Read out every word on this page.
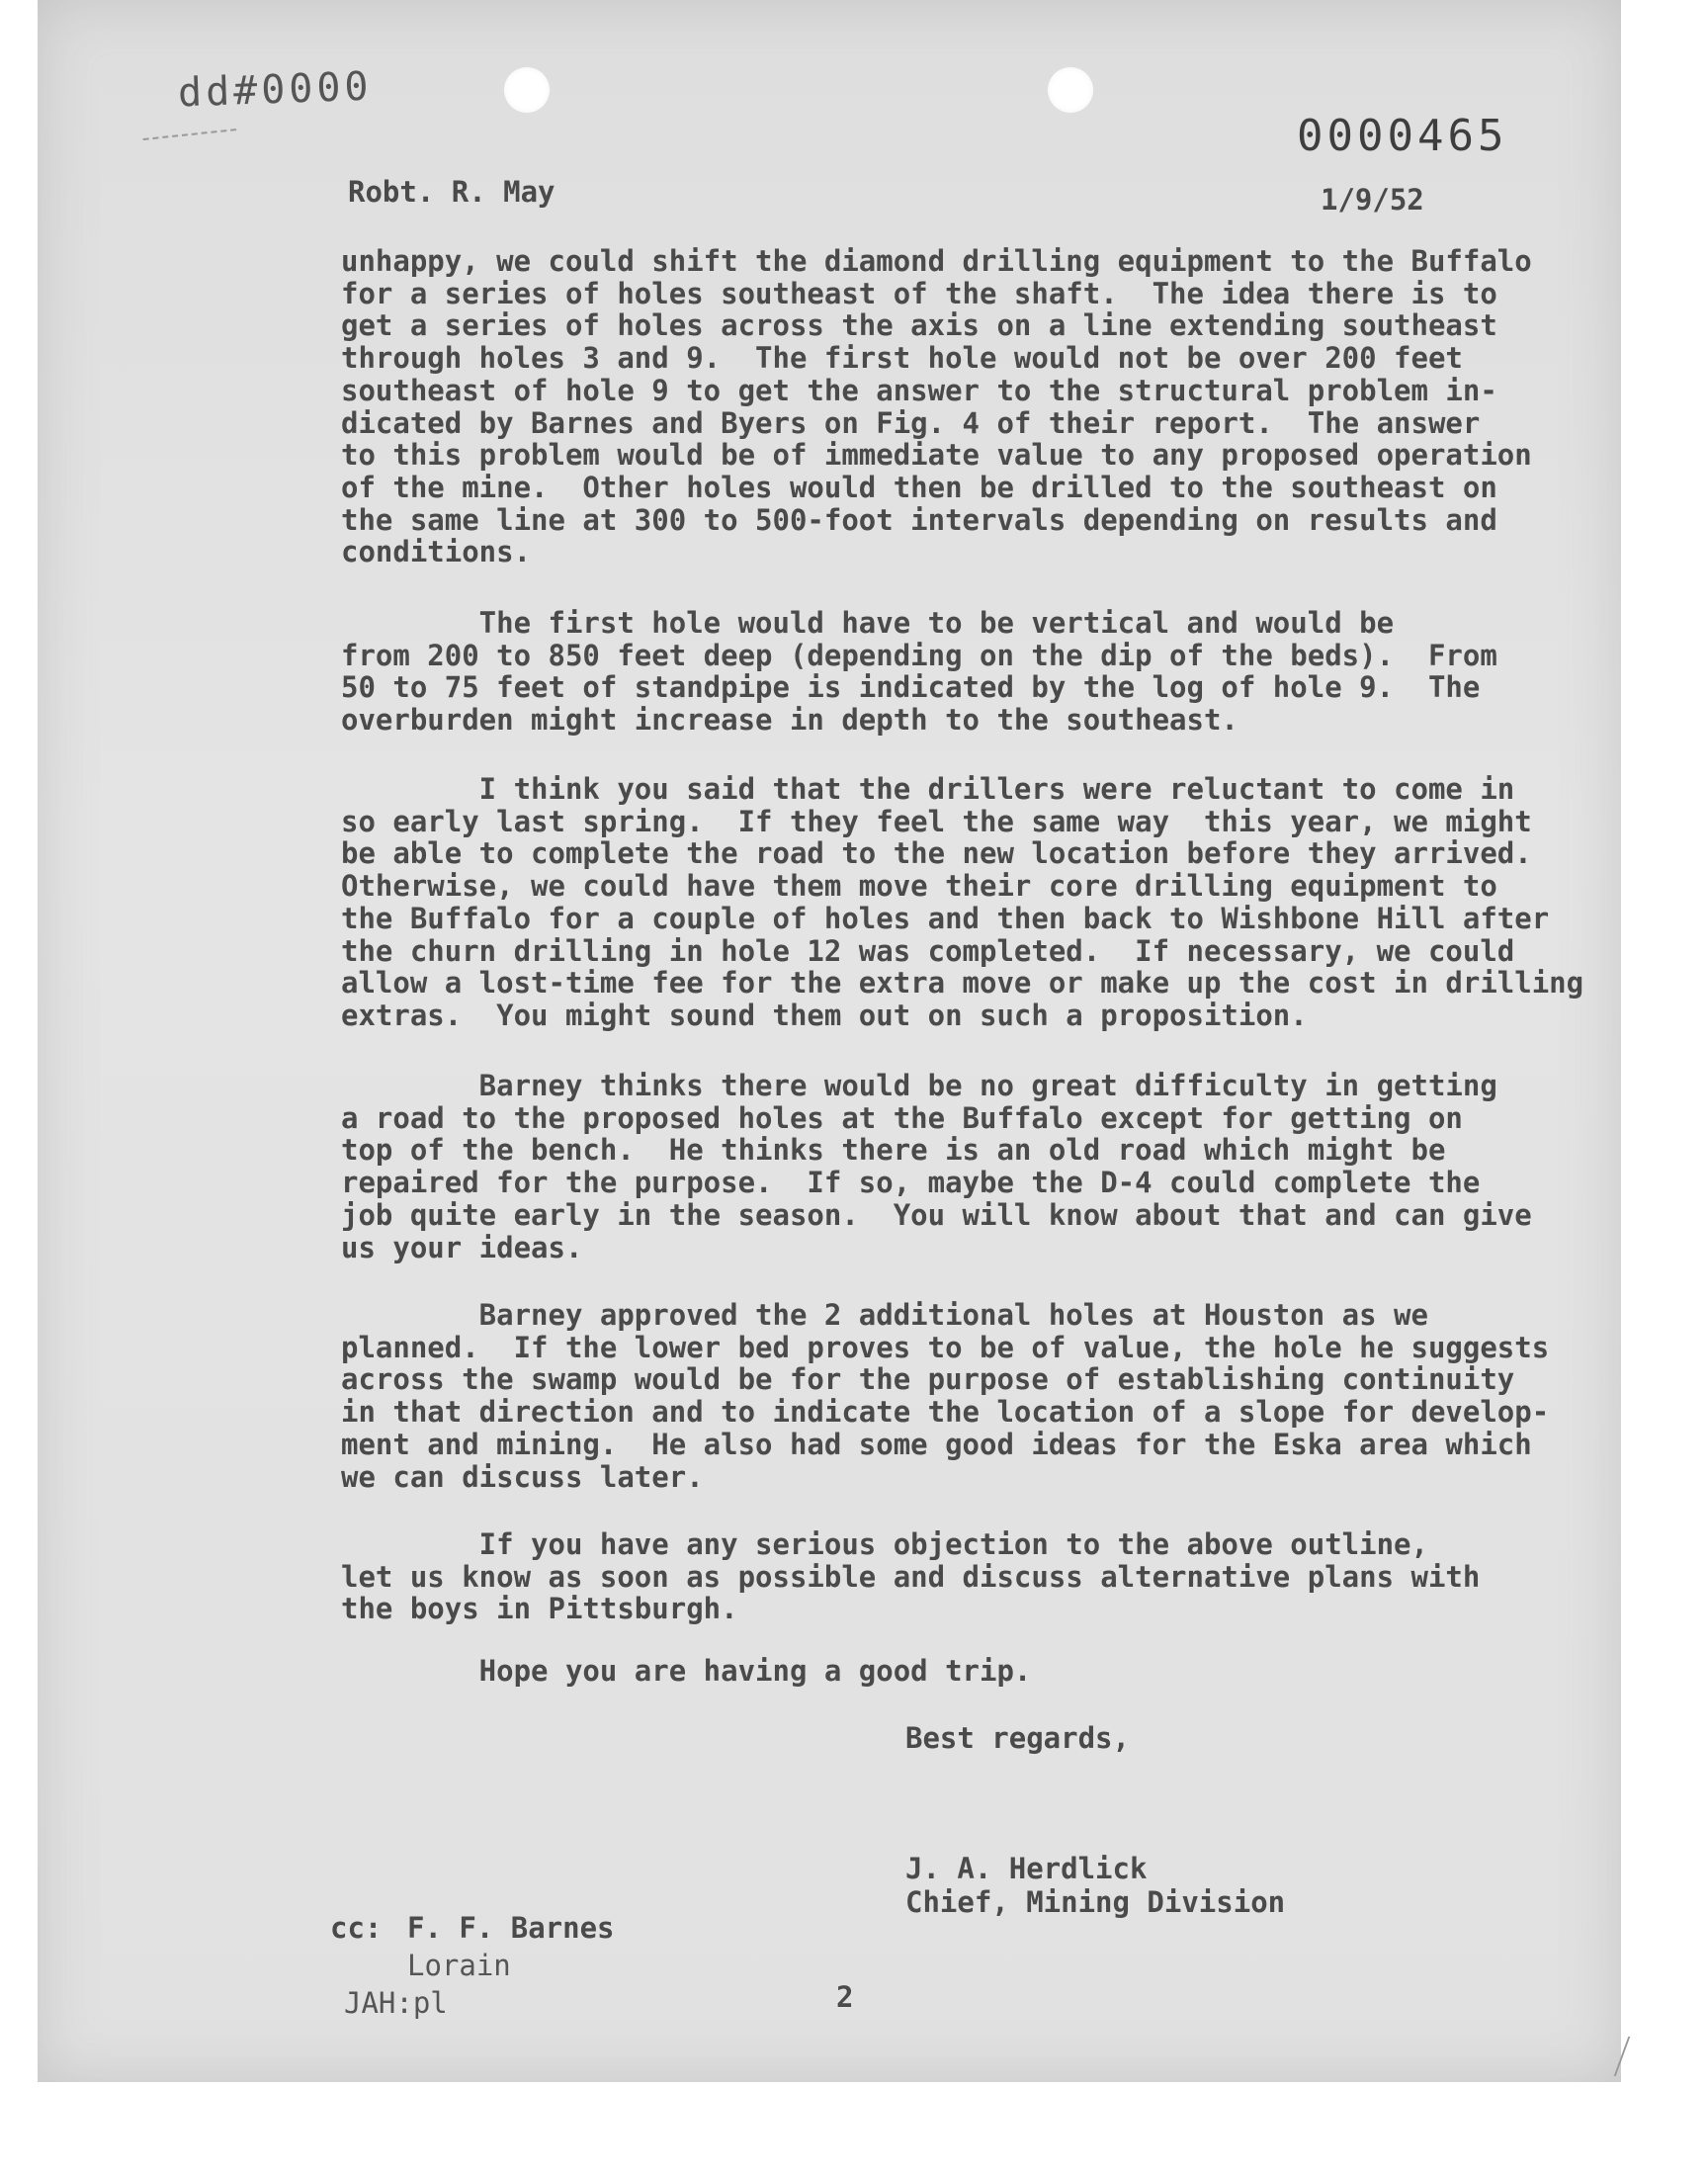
dd#0000
0000465
Robt. R. May	1/9/52
unhappy, we could shift the diamond drilling equipment to the Buffalo
for a series of holes southeast of the shaft.  The idea there is to
get a series of holes across the axis on a line extending southeast
through holes 3 and 9.  The first hole would not be over 200 feet
southeast of hole 9 to get the answer to the structural problem in-
dicated by Barnes and Byers on Fig. 4 of their report.  The answer
to this problem would be of immediate value to any proposed operation
of the mine.  Other holes would then be drilled to the southeast on
the same line at 300 to 500-foot intervals depending on results and
conditions.
The first hole would have to be vertical and would be
from 200 to 850 feet deep (depending on the dip of the beds).  From
50 to 75 feet of standpipe is indicated by the log of hole 9.  The
overburden might increase in depth to the southeast.
I think you said that the drillers were reluctant to come in
so early last spring.  If they feel the same way  this year, we might
be able to complete the road to the new location before they arrived.
Otherwise, we could have them move their core drilling equipment to
the Buffalo for a couple of holes and then back to Wishbone Hill after
the churn drilling in hole 12 was completed.  If necessary, we could
allow a lost-time fee for the extra move or make up the cost in drilling
extras.  You might sound them out on such a proposition.
Barney thinks there would be no great difficulty in getting
a road to the proposed holes at the Buffalo except for getting on
top of the bench.  He thinks there is an old road which might be
repaired for the purpose.  If so, maybe the D-4 could complete the
job quite early in the season.  You will know about that and can give
us your ideas.
Barney approved the 2 additional holes at Houston as we
planned.  If the lower bed proves to be of value, the hole he suggests
across the swamp would be for the purpose of establishing continuity
in that direction and to indicate the location of a slope for develop-
ment and mining.  He also had some good ideas for the Eska area which
we can discuss later.
If you have any serious objection to the above outline,
let us know as soon as possible and discuss alternative plans with
the boys in Pittsburgh.
Hope you are having a good trip.
Best regards,
J. A. Herdlick
Chief, Mining Division
cc: F. F. Barnes
Lorain
JAH:pl	2
